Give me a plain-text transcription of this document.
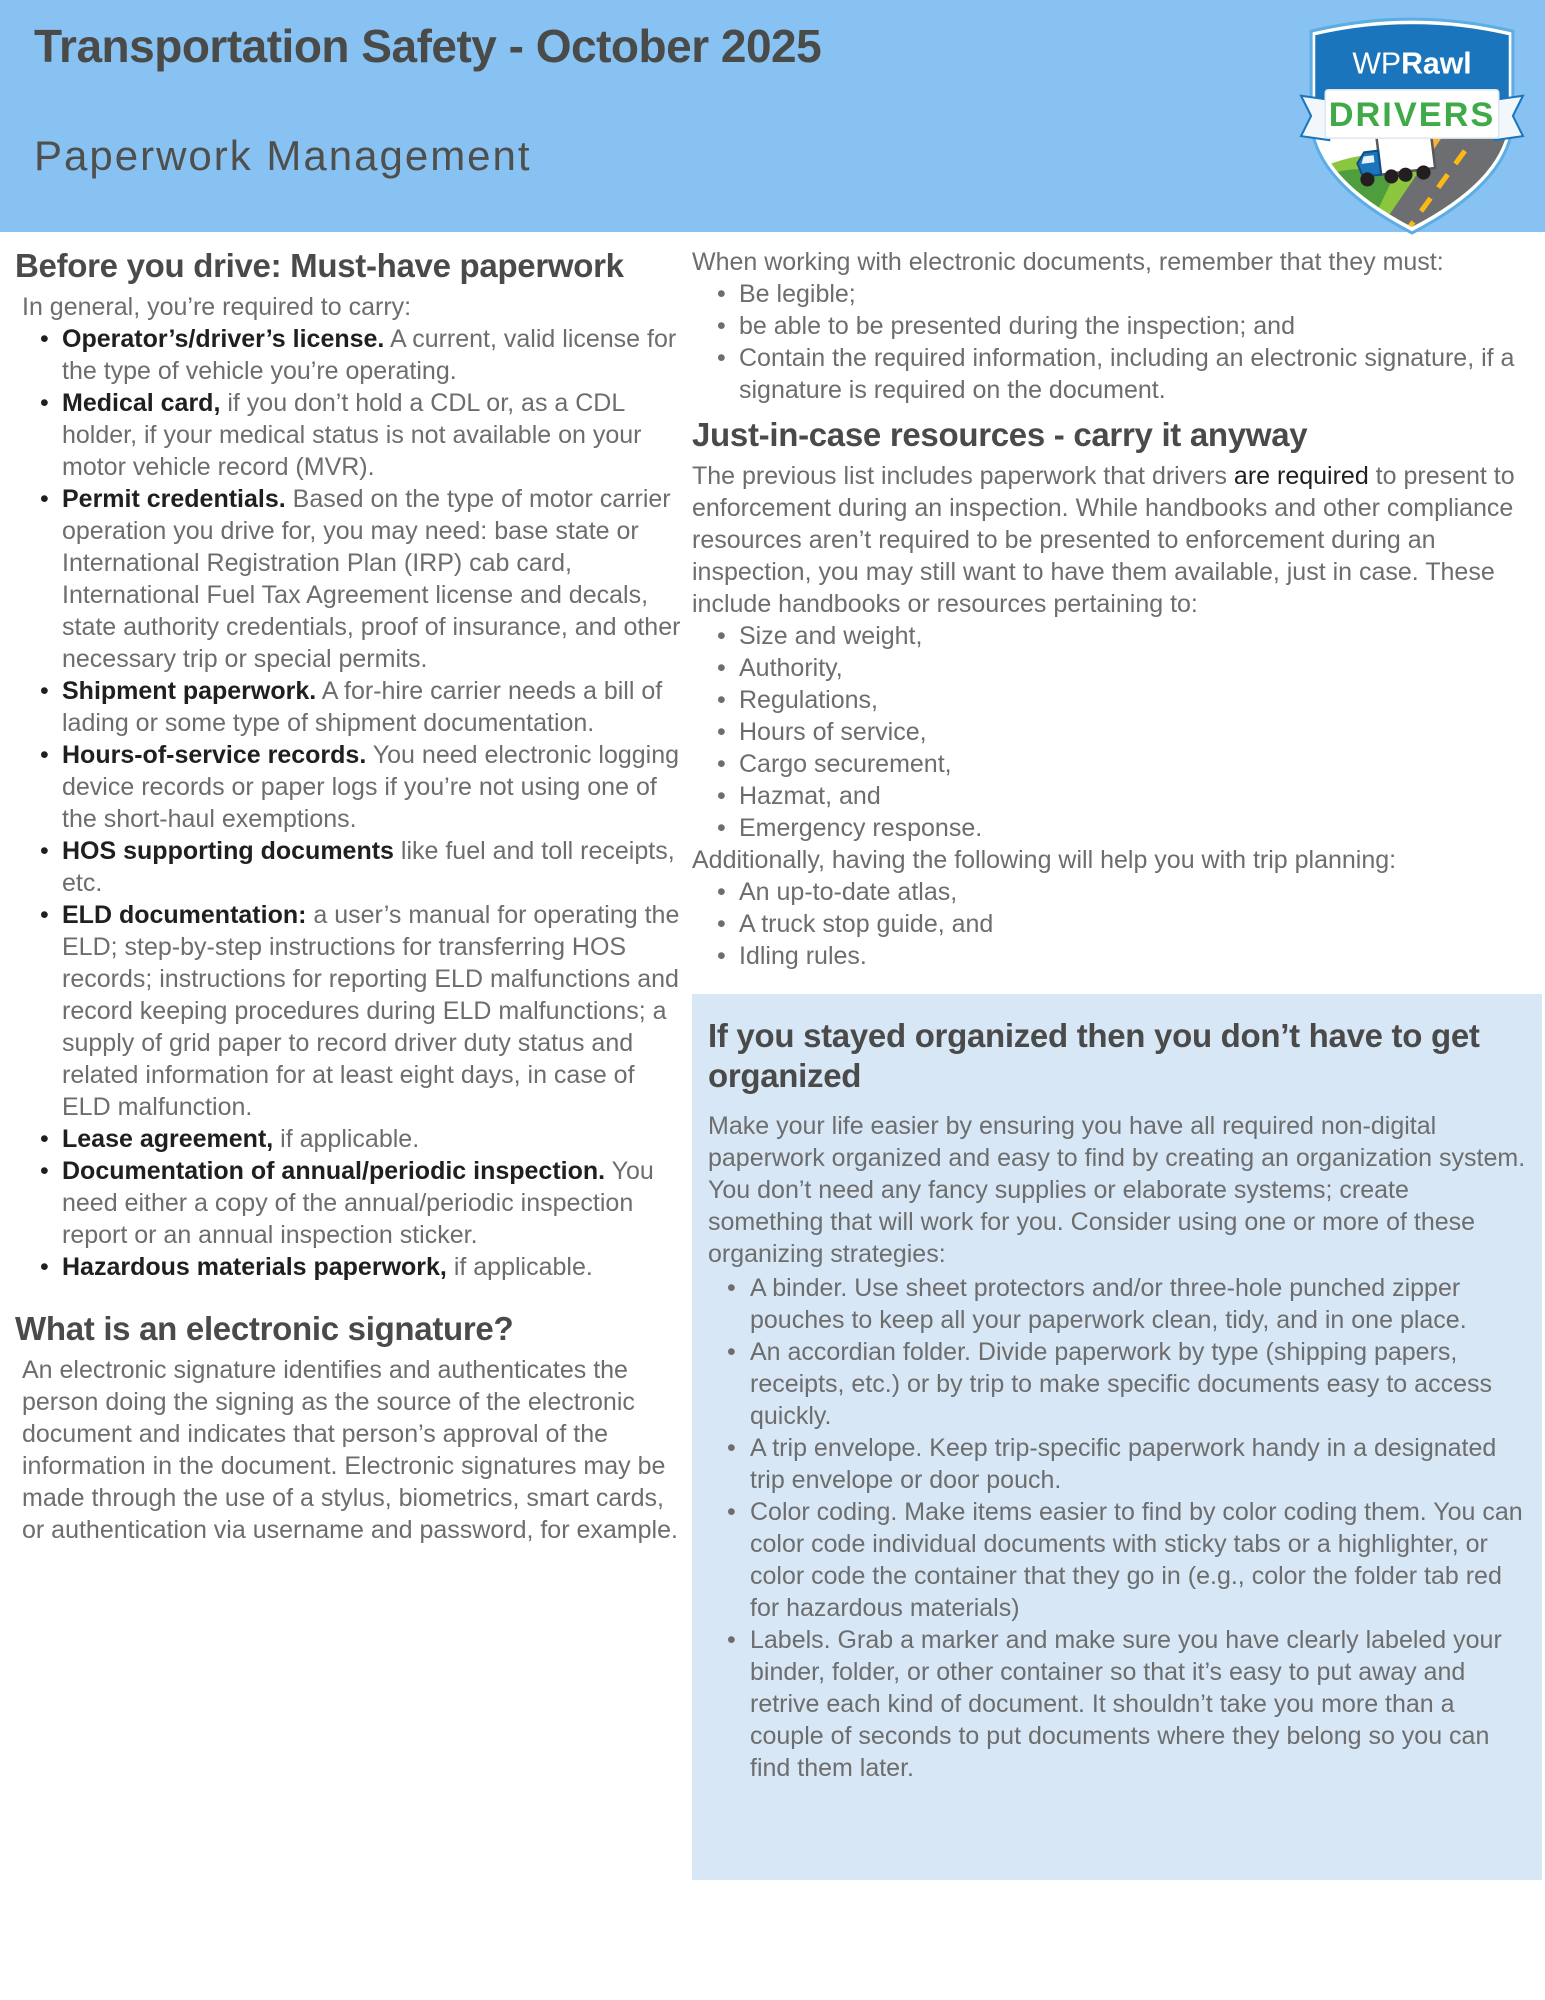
Transportation Safety - October 2025
Paperwork Management
WPRawl
DRIVERS
Before you drive: Must-have paperwork

In general, you’re required to carry:

• Operator’s/driver’s license. A current, valid license for the type of vehicle you’re operating.
• Medical card, if you don’t hold a CDL or, as a CDL holder, if your medical status is not available on your motor vehicle record (MVR).
• Permit credentials. Based on the type of motor carrier operation you drive for, you may need: base state or International Registration Plan (IRP) cab card, International Fuel Tax Agreement license and decals, state authority credentials, proof of insurance, and other necessary trip or special permits.
• Shipment paperwork. A for-hire carrier needs a bill of lading or some type of shipment documentation.
• Hours-of-service records. You need electronic logging device records or paper logs if you’re not using one of the short-haul exemptions.
• HOS supporting documents like fuel and toll receipts, etc.
• ELD documentation: a user’s manual for operating the ELD; step-by-step instructions for transferring HOS records; instructions for reporting ELD malfunctions and record keeping procedures during ELD malfunctions; a supply of grid paper to record driver duty status and related information for at least eight days, in case of ELD malfunction.
• Lease agreement, if applicable.
• Documentation of annual/periodic inspection. You need either a copy of the annual/periodic inspection report or an annual inspection sticker.
• Hazardous materials paperwork, if applicable.
What is an electronic signature?

An electronic signature identifies and authenticates the person doing the signing as the source of the electronic document and indicates that person’s approval of the information in the document. Electronic signatures may be made through the use of a stylus, biometrics, smart cards, or authentication via username and password, for example.

When working with electronic documents, remember that they must:

• Be legible;
• be able to be presented during the inspection; and
• Contain the required information, including an electronic signature, if a signature is required on the document.
Just-in-case resources - carry it anyway

The previous list includes paperwork that drivers are required to present to enforcement during an inspection. While handbooks and other compliance resources aren’t required to be presented to enforcement during an inspection, you may still want to have them available, just in case. These include handbooks or resources pertaining to:

• Size and weight,
• Authority,
• Regulations,
• Hours of service,
• Cargo securement,
• Hazmat, and
• Emergency response.

Additionally, having the following will help you with trip planning:

• An up-to-date atlas,
• A truck stop guide, and
• Idling rules.
If you stayed organized then you don’t have to get organized

Make your life easier by ensuring you have all required non-digital paperwork organized and easy to find by creating an organization system. You don’t need any fancy supplies or elaborate systems; create something that will work for you. Consider using one or more of these organizing strategies:

• A binder. Use sheet protectors and/or three-hole punched zipper pouches to keep all your paperwork clean, tidy, and in one place.
• An accordian folder. Divide paperwork by type (shipping papers, receipts, etc.) or by trip to make specific documents easy to access quickly.
• A trip envelope. Keep trip-specific paperwork handy in a designated trip envelope or door pouch.
• Color coding. Make items easier to find by color coding them. You can color code individual documents with sticky tabs or a highlighter, or color code the container that they go in (e.g., color the folder tab red for hazardous materials)
• Labels. Grab a marker and make sure you have clearly labeled your binder, folder, or other container so that it’s easy to put away and retrive each kind of document. It shouldn’t take you more than a couple of seconds to put documents where they belong so you can find them later.
